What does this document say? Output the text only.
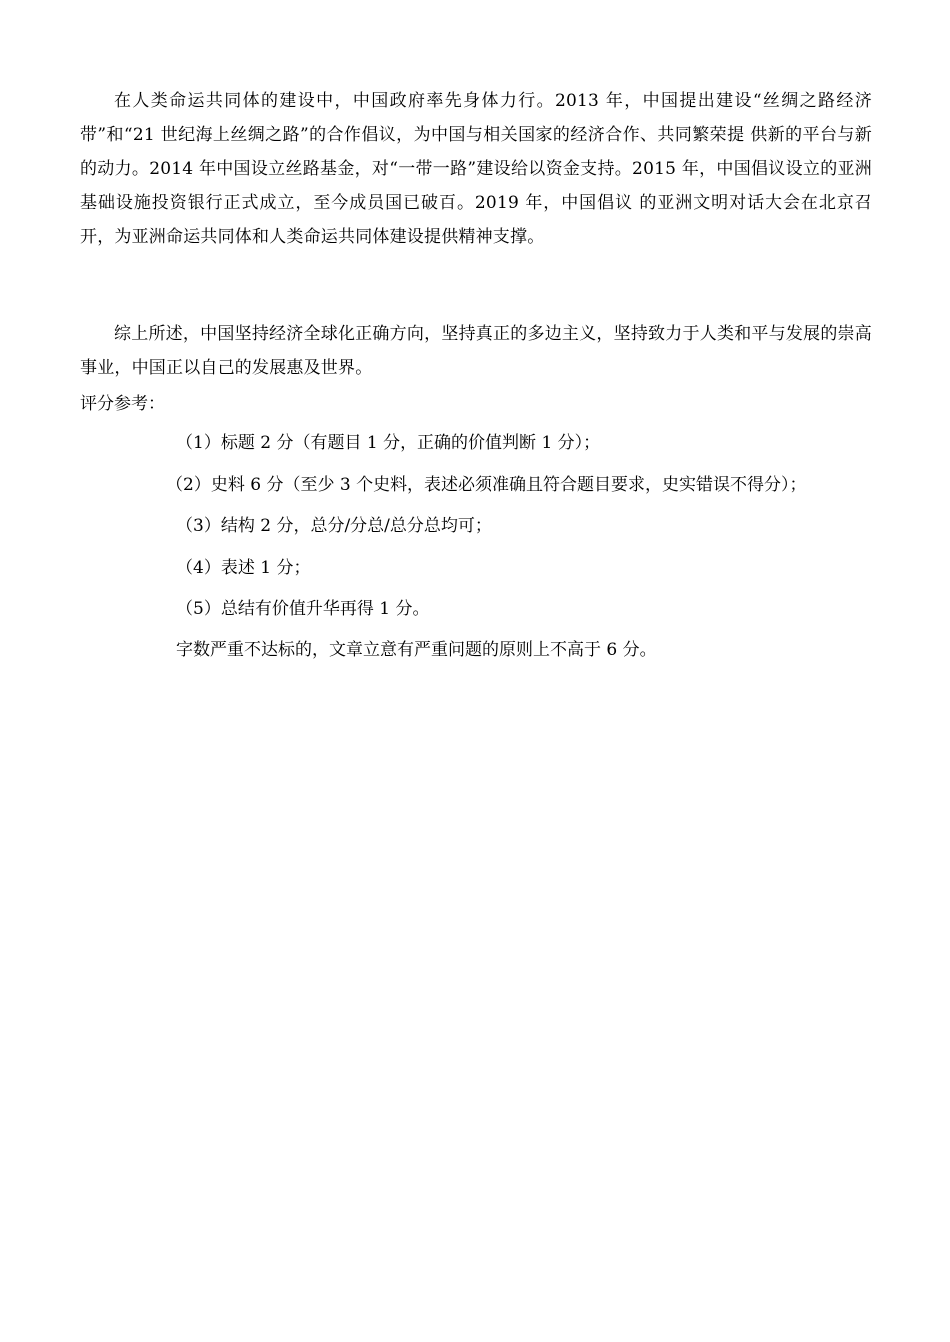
在人类命运共同体的建设中，中国政府率先身体力行。2013 年，中国提出建设“丝绸之路经济带”和“21 世纪海上丝绸之路”的合作倡议，为中国与相关国家的经济合作、共同繁荣提 供新的平台与新的动力。2014 年中国设立丝路基金，对“一带一路”建设给以资金支持。2015 年，中国倡议设立的亚洲基础设施投资银行正式成立，至今成员国已破百。2019 年，中国倡议 的亚洲文明对话大会在北京召开，为亚洲命运共同体和人类命运共同体建设提供精神支撑。

综上所述，中国坚持经济全球化正确方向，坚持真正的多边主义，坚持致力于人类和平与发展的崇高事业，中国正以自己的发展惠及世界。

评分参考：
（1）标题 2 分（有题目 1 分，正确的价值判断 1 分）；
（2）史料 6 分（至少 3 个史料，表述必须准确且符合题目要求，史实错误不得分）；
（3）结构 2 分，总分/分总/总分总均可；
（4）表述 1 分；
（5）总结有价值升华再得 1 分。
字数严重不达标的，文章立意有严重问题的原则上不高于 6 分。
